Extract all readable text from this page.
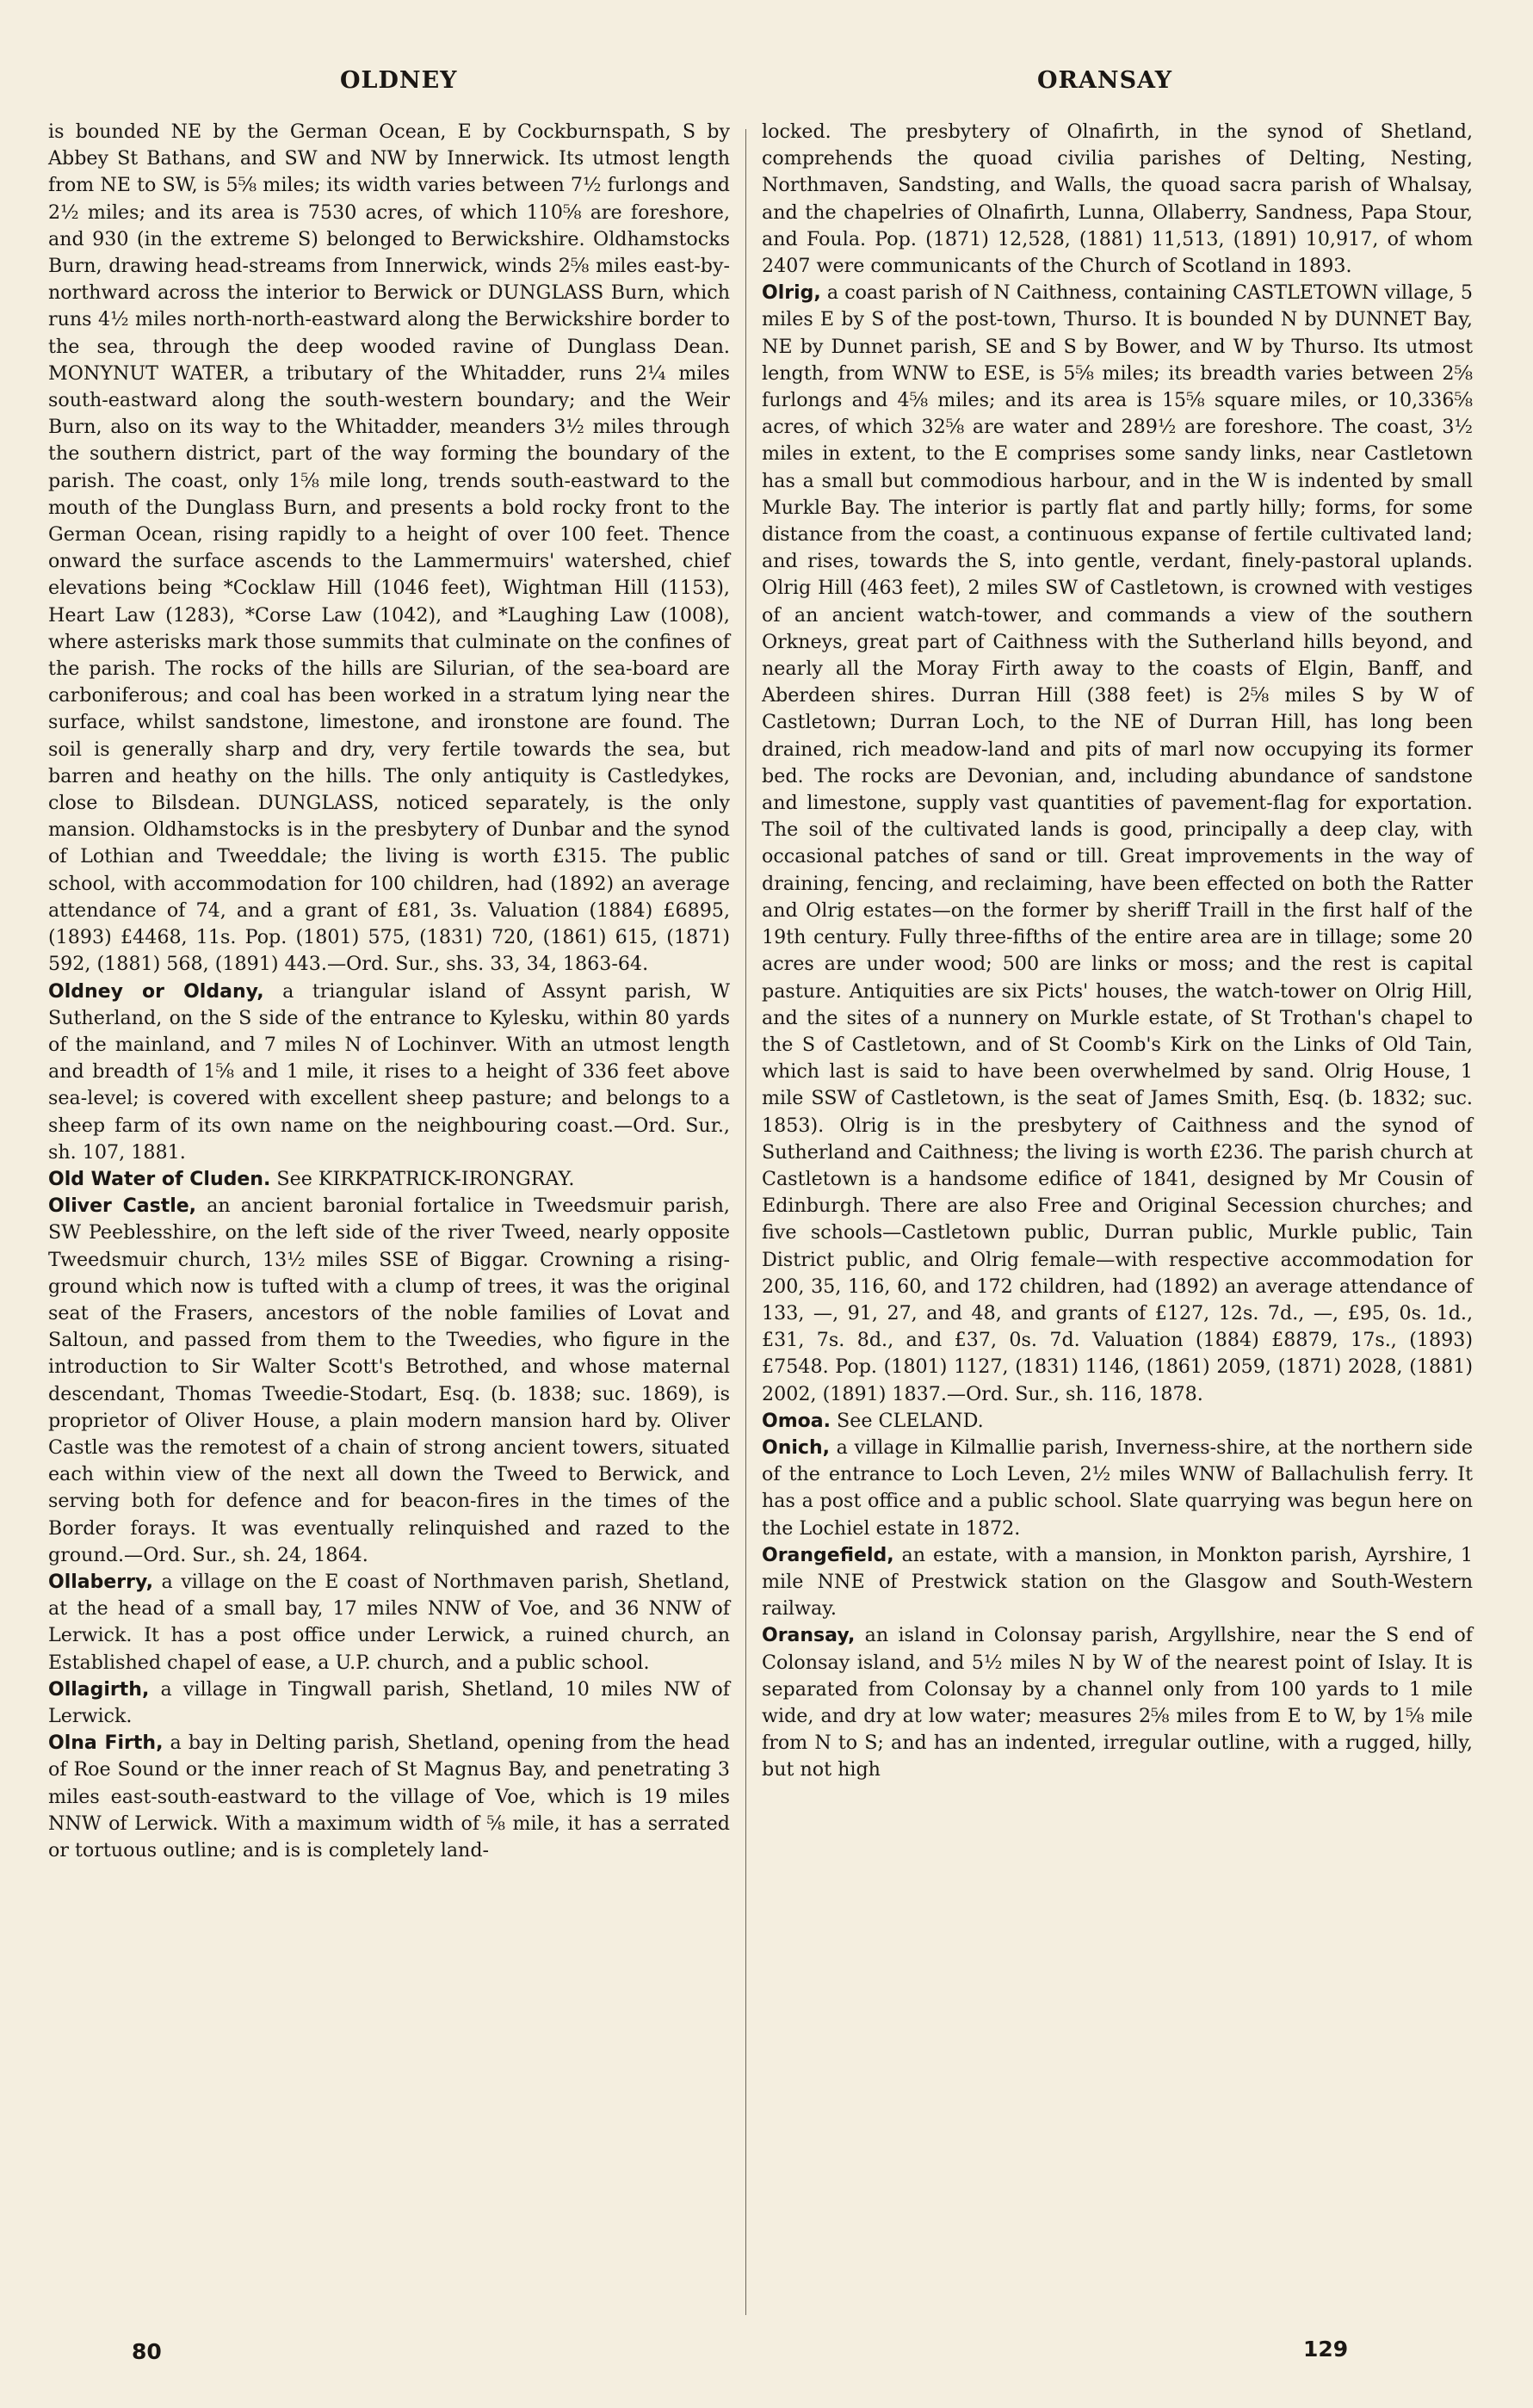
OLDNEY	ORANSAY

is bounded NE by the German Ocean, E by Cockburnspath, S by Abbey St Bathans, and SW and NW by Innerwick. Its utmost length from NE to SW, is 5⅝ miles; its width varies between 7½ furlongs and 2½ miles; and its area is 7530 acres, of which 110⅝ are foreshore, and 930 (in the extreme S) belonged to Berwickshire. Oldhamstocks Burn, drawing head-streams from Innerwick, winds 2⅝ miles east-by-northward across the interior to Berwick or DUNGLASS Burn, which runs 4½ miles north-north-eastward along the Berwickshire border to the sea, through the deep wooded ravine of Dunglass Dean. MONYNUT WATER, a tributary of the Whitadder, runs 2¼ miles south-eastward along the south-western boundary; and the Weir Burn, also on its way to the Whitadder, meanders 3½ miles through the southern district, part of the way forming the boundary of the parish. The coast, only 1⅝ mile long, trends south-eastward to the mouth of the Dunglass Burn, and presents a bold rocky front to the German Ocean, rising rapidly to a height of over 100 feet. Thence onward the surface ascends to the Lammermuirs' watershed, chief elevations being *Cocklaw Hill (1046 feet), Wightman Hill (1153), Heart Law (1283), *Corse Law (1042), and *Laughing Law (1008), where asterisks mark those summits that culminate on the confines of the parish. The rocks of the hills are Silurian, of the sea-board are carboniferous; and coal has been worked in a stratum lying near the surface, whilst sandstone, limestone, and ironstone are found. The soil is generally sharp and dry, very fertile towards the sea, but barren and heathy on the hills. The only antiquity is Castledykes, close to Bilsdean. DUNGLASS, noticed separately, is the only mansion. Oldhamstocks is in the presbytery of Dunbar and the synod of Lothian and Tweeddale; the living is worth £315. The public school, with accommodation for 100 children, had (1892) an average attendance of 74, and a grant of £81, 3s. Valuation (1884) £6895, (1893) £4468, 11s. Pop. (1801) 575, (1831) 720, (1861) 615, (1871) 592, (1881) 568, (1891) 443.—Ord. Sur., shs. 33, 34, 1863-64.

Oldney or Oldany, a triangular island of Assynt parish, W Sutherland, on the S side of the entrance to Kylesku, within 80 yards of the mainland, and 7 miles N of Lochinver. With an utmost length and breadth of 1⅝ and 1 mile, it rises to a height of 336 feet above sea-level; is covered with excellent sheep pasture; and belongs to a sheep farm of its own name on the neighbouring coast.—Ord. Sur., sh. 107, 1881.

Old Water of Cluden. See KIRKPATRICK-IRONGRAY.

Oliver Castle, an ancient baronial fortalice in Tweedsmuir parish, SW Peeblesshire, on the left side of the river Tweed, nearly opposite Tweedsmuir church, 13½ miles SSE of Biggar. Crowning a rising-ground which now is tufted with a clump of trees, it was the original seat of the Frasers, ancestors of the noble families of Lovat and Saltoun, and passed from them to the Tweedies, who figure in the introduction to Sir Walter Scott's Betrothed, and whose maternal descendant, Thomas Tweedie-Stodart, Esq. (b. 1838; suc. 1869), is proprietor of Oliver House, a plain modern mansion hard by. Oliver Castle was the remotest of a chain of strong ancient towers, situated each within view of the next all down the Tweed to Berwick, and serving both for defence and for beacon-fires in the times of the Border forays. It was eventually relinquished and razed to the ground.—Ord. Sur., sh. 24, 1864.

Ollaberry, a village on the E coast of Northmaven parish, Shetland, at the head of a small bay, 17 miles NNW of Voe, and 36 NNW of Lerwick. It has a post office under Lerwick, a ruined church, an Established chapel of ease, a U.P. church, and a public school.

Ollagirth, a village in Tingwall parish, Shetland, 10 miles NW of Lerwick.

Olna Firth, a bay in Delting parish, Shetland, opening from the head of Roe Sound or the inner reach of St Magnus Bay, and penetrating 3 miles east-south-eastward to the village of Voe, which is 19 miles NNW of Lerwick. With a maximum width of ⅝ mile, it has a serrated or tortuous outline; and is is completely land-

locked. The presbytery of Olnafirth, in the synod of Shetland, comprehends the quoad civilia parishes of Delting, Nesting, Northmaven, Sandsting, and Walls, the quoad sacra parish of Whalsay, and the chapelries of Olnafirth, Lunna, Ollaberry, Sandness, Papa Stour, and Foula. Pop. (1871) 12,528, (1881) 11,513, (1891) 10,917, of whom 2407 were communicants of the Church of Scotland in 1893.

Olrig, a coast parish of N Caithness, containing CASTLETOWN village, 5 miles E by S of the post-town, Thurso. It is bounded N by DUNNET Bay, NE by Dunnet parish, SE and S by Bower, and W by Thurso. Its utmost length, from WNW to ESE, is 5⅝ miles; its breadth varies between 2⅝ furlongs and 4⅝ miles; and its area is 15⅝ square miles, or 10,336⅝ acres, of which 32⅝ are water and 289½ are foreshore. The coast, 3½ miles in extent, to the E comprises some sandy links, near Castletown has a small but commodious harbour, and in the W is indented by small Murkle Bay. The interior is partly flat and partly hilly; forms, for some distance from the coast, a continuous expanse of fertile cultivated land; and rises, towards the S, into gentle, verdant, finely-pastoral uplands. Olrig Hill (463 feet), 2 miles SW of Castletown, is crowned with vestiges of an ancient watch-tower, and commands a view of the southern Orkneys, great part of Caithness with the Sutherland hills beyond, and nearly all the Moray Firth away to the coasts of Elgin, Banff, and Aberdeen shires. Durran Hill (388 feet) is 2⅝ miles S by W of Castletown; Durran Loch, to the NE of Durran Hill, has long been drained, rich meadow-land and pits of marl now occupying its former bed. The rocks are Devonian, and, including abundance of sandstone and limestone, supply vast quantities of pavement-flag for exportation. The soil of the cultivated lands is good, principally a deep clay, with occasional patches of sand or till. Great improvements in the way of draining, fencing, and reclaiming, have been effected on both the Ratter and Olrig estates—on the former by sheriff Traill in the first half of the 19th century. Fully three-fifths of the entire area are in tillage; some 20 acres are under wood; 500 are links or moss; and the rest is capital pasture. Antiquities are six Picts' houses, the watch-tower on Olrig Hill, and the sites of a nunnery on Murkle estate, of St Trothan's chapel to the S of Castletown, and of St Coomb's Kirk on the Links of Old Tain, which last is said to have been overwhelmed by sand. Olrig House, 1 mile SSW of Castletown, is the seat of James Smith, Esq. (b. 1832; suc. 1853). Olrig is in the presbytery of Caithness and the synod of Sutherland and Caithness; the living is worth £236. The parish church at Castletown is a handsome edifice of 1841, designed by Mr Cousin of Edinburgh. There are also Free and Original Secession churches; and five schools—Castletown public, Durran public, Murkle public, Tain District public, and Olrig female—with respective accommodation for 200, 35, 116, 60, and 172 children, had (1892) an average attendance of 133, —, 91, 27, and 48, and grants of £127, 12s. 7d., —, £95, 0s. 1d., £31, 7s. 8d., and £37, 0s. 7d. Valuation (1884) £8879, 17s., (1893) £7548. Pop. (1801) 1127, (1831) 1146, (1861) 2059, (1871) 2028, (1881) 2002, (1891) 1837.—Ord. Sur., sh. 116, 1878.

Omoa. See CLELAND.

Onich, a village in Kilmallie parish, Inverness-shire, at the northern side of the entrance to Loch Leven, 2½ miles WNW of Ballachulish ferry. It has a post office and a public school. Slate quarrying was begun here on the Lochiel estate in 1872.

Orangefield, an estate, with a mansion, in Monkton parish, Ayrshire, 1 mile NNE of Prestwick station on the Glasgow and South-Western railway.

Oransay, an island in Colonsay parish, Argyllshire, near the S end of Colonsay island, and 5½ miles N by W of the nearest point of Islay. It is separated from Colonsay by a channel only from 100 yards to 1 mile wide, and dry at low water; measures 2⅝ miles from E to W, by 1⅝ mile from N to S; and has an indented, irregular outline, with a rugged, hilly, but not high

80	129
